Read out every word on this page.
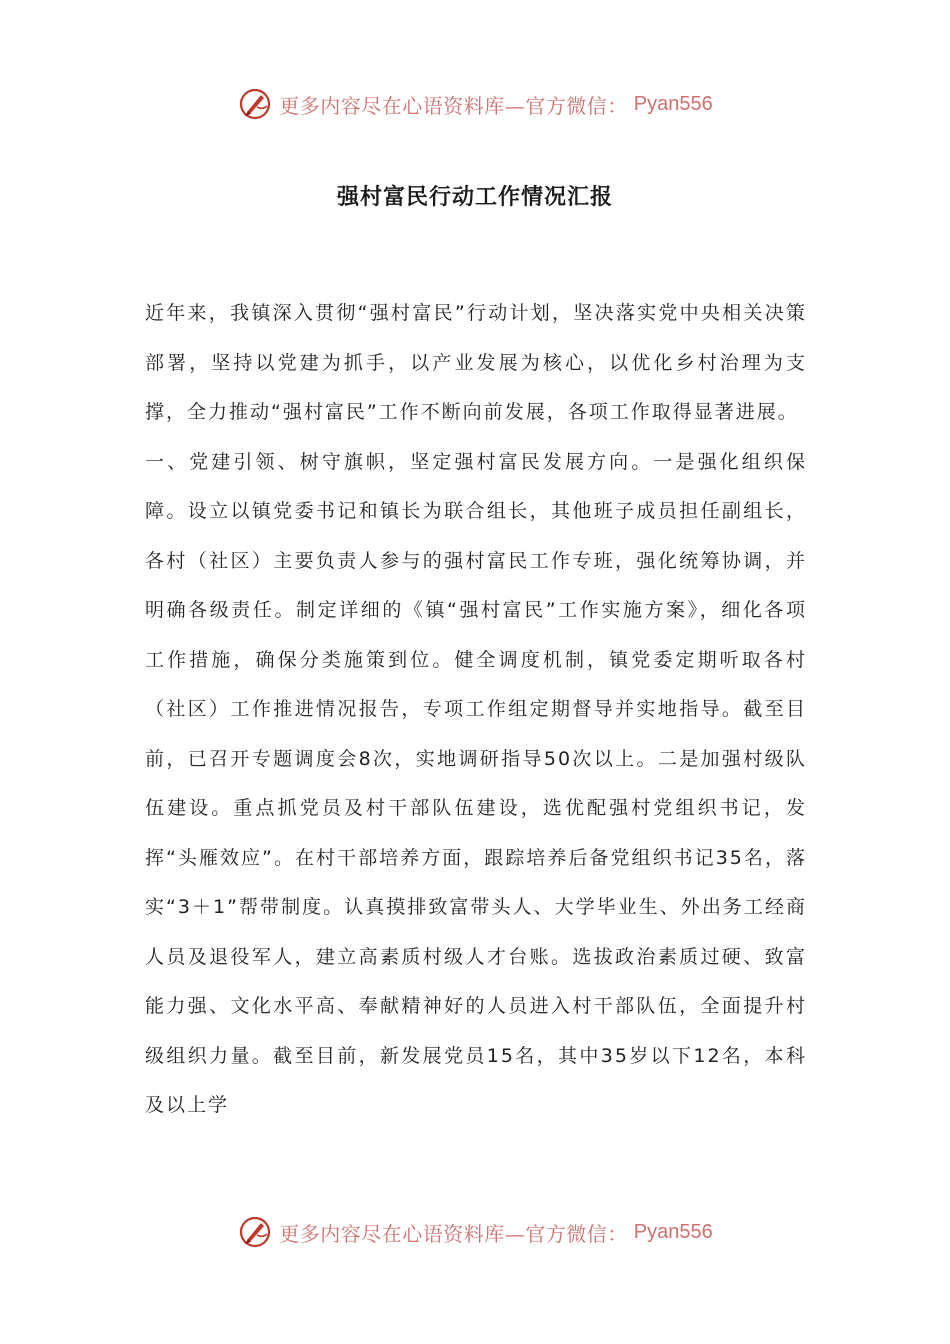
更多内容尽在心语资料库—官方微信： Pyan556
强村富民行动工作情况汇报

近年来，我镇深入贯彻“强村富民”行动计划，坚决落实党中央相关决策部署，坚持以党建为抓手，以产业发展为核心，以优化乡村治理为支撑，全力推动“强村富民”工作不断向前发展，各项工作取得显著进展。

一、党建引领、树守旗帜，坚定强村富民发展方向。一是强化组织保障。设立以镇党委书记和镇长为联合组长，其他班子成员担任副组长，各村（社区）主要负责人参与的强村富民工作专班，强化统筹协调，并明确各级责任。制定详细的《镇“强村富民”工作实施方案》，细化各项工作措施，确保分类施策到位。健全调度机制，镇党委定期听取各村（社区）工作推进情况报告，专项工作组定期督导并实地指导。截至目前，已召开专题调度会8次，实地调研指导50次以上。二是加强村级队伍建设。重点抓党员及村干部队伍建设，选优配强村党组织书记，发挥“头雁效应”。在村干部培养方面，跟踪培养后备党组织书记35名，落实“3＋1”帮带制度。认真摸排致富带头人、大学毕业生、外出务工经商人员及退役军人，建立高素质村级人才台账。选拔政治素质过硬、致富能力强、文化水平高、奉献精神好的人员进入村干部队伍，全面提升村级组织力量。截至目前，新发展党员15名，其中35岁以下12名，本科及以上学

更多内容尽在心语资料库—官方微信： Pyan556
